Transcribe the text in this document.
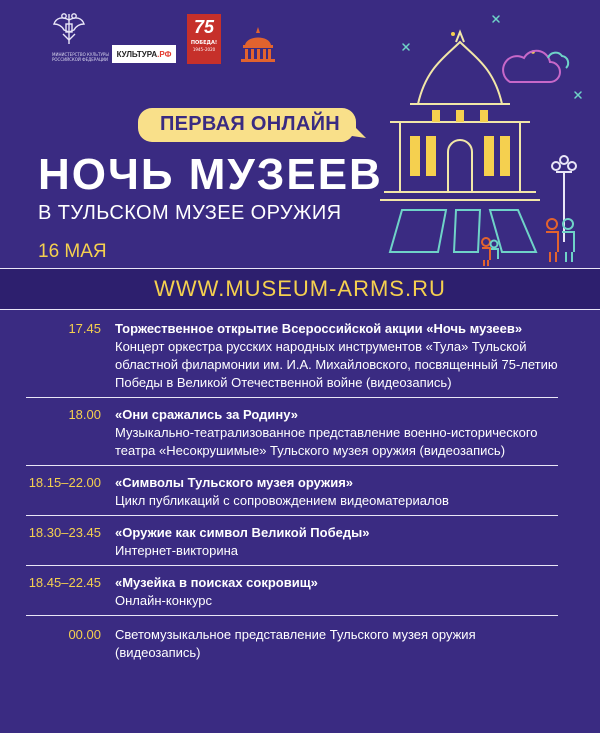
МИНИСТЕРСТВО КУЛЬТУРЫ РОССИЙСКОЙ ФЕДЕРАЦИИ
КУЛЬТУРА.РФ
75
ПОБЕДА!
1945–2020
ПЕРВАЯ ОНЛАЙН
НОЧЬ МУЗЕЕВ
В ТУЛЬСКОМ МУЗЕЕ ОРУЖИЯ
16 МАЯ
WWW.MUSEUM-ARMS.RU
17.45	Торжественное открытие Всероссийской акции «Ночь музеев»
Концерт оркестра русских народных инструментов «Тула» Тульской областной филармонии им. И.А. Михайловского, посвященный 75-летию Победы в Великой Отечественной войне (видеозапись)
18.00	«Они сражались за Родину»
Музыкально-театрализованное представление военно-исторического театра «Несокрушимые» Тульского музея оружия (видеозапись)
18.15–22.00	«Символы Тульского музея оружия»
Цикл публикаций с сопровождением видеоматериалов
18.30–23.45	«Оружие как символ Великой Победы»
Интернет-викторина
18.45–22.45	«Музейка в поисках сокровищ»
Онлайн-конкурс
00.00	Светомузыкальное представление Тульского музея оружия (видеозапись)
